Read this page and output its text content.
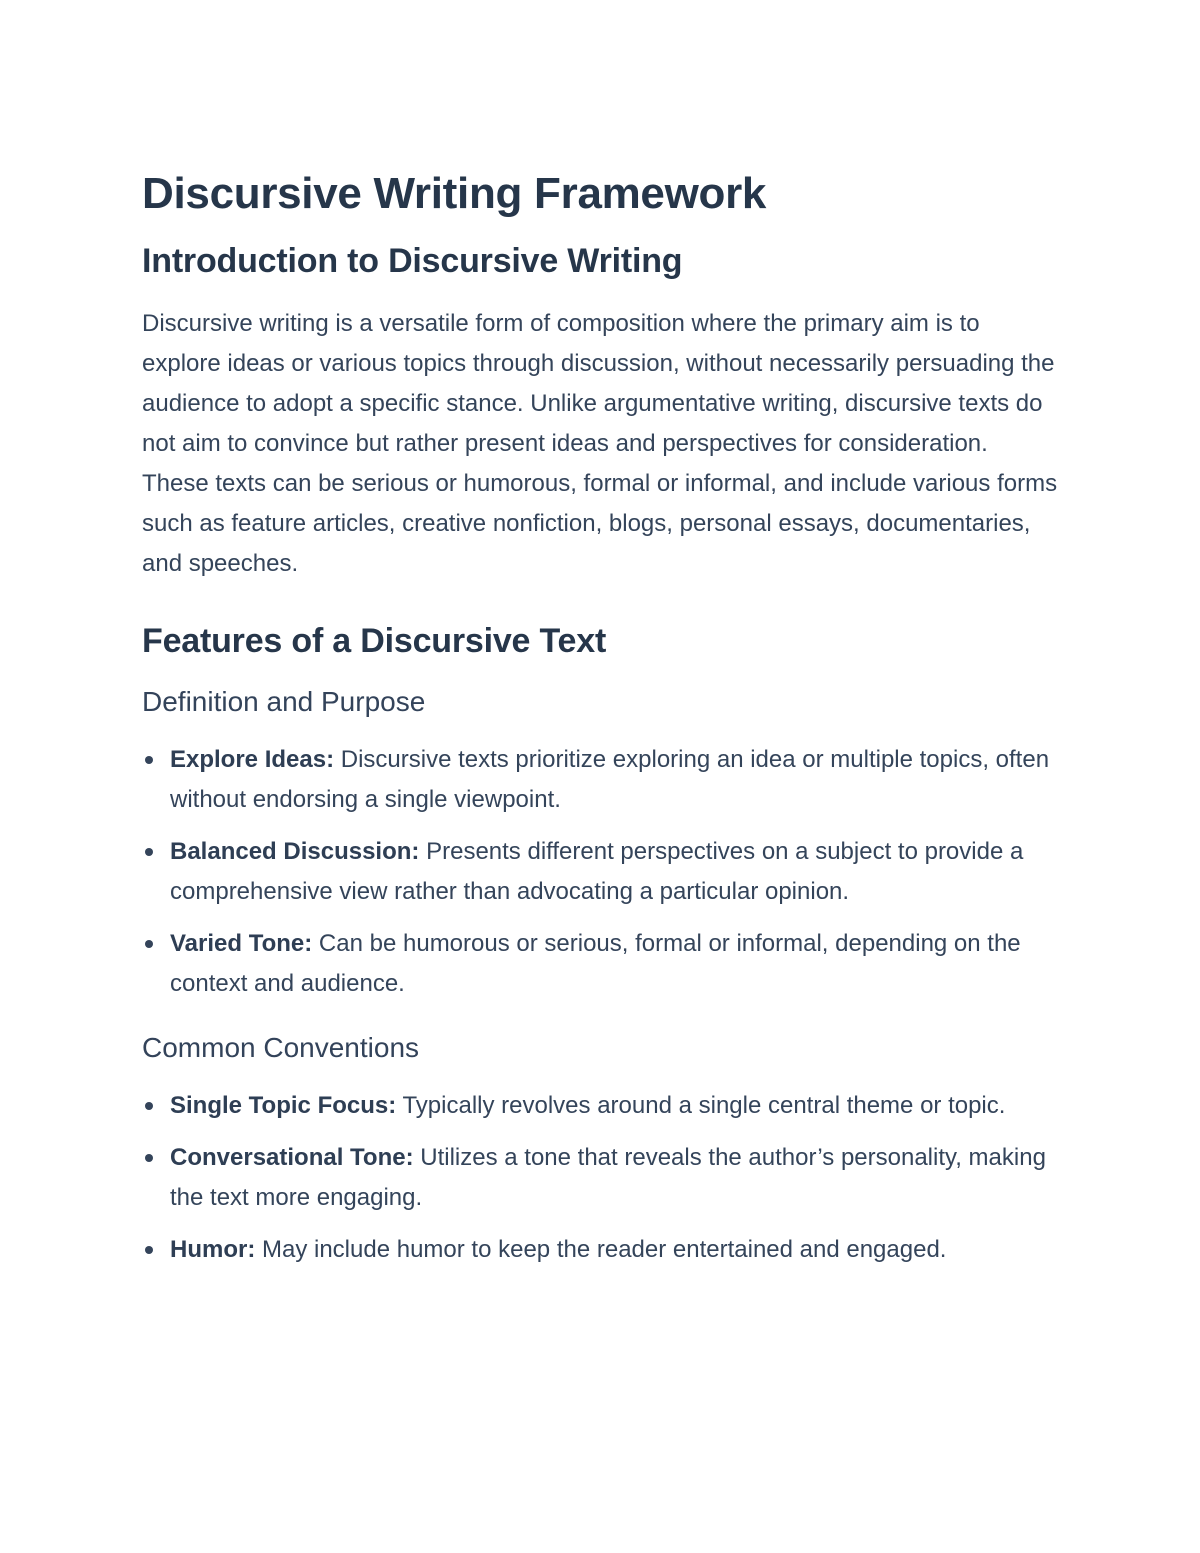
Discursive Writing Framework
Introduction to Discursive Writing

Discursive writing is a versatile form of composition where the primary aim is to explore ideas or various topics through discussion, without necessarily persuading the audience to adopt a specific stance. Unlike argumentative writing, discursive texts do not aim to convince but rather present ideas and perspectives for consideration. These texts can be serious or humorous, formal or informal, and include various forms such as feature articles, creative nonfiction, blogs, personal essays, documentaries, and speeches.

Features of a Discursive Text
Definition and Purpose
Explore Ideas: Discursive texts prioritize exploring an idea or multiple topics, often without endorsing a single viewpoint.
Balanced Discussion: Presents different perspectives on a subject to provide a comprehensive view rather than advocating a particular opinion.
Varied Tone: Can be humorous or serious, formal or informal, depending on the context and audience.
Common Conventions
Single Topic Focus: Typically revolves around a single central theme or topic.
Conversational Tone: Utilizes a tone that reveals the author’s personality, making the text more engaging.
Humor: May include humor to keep the reader entertained and engaged.
